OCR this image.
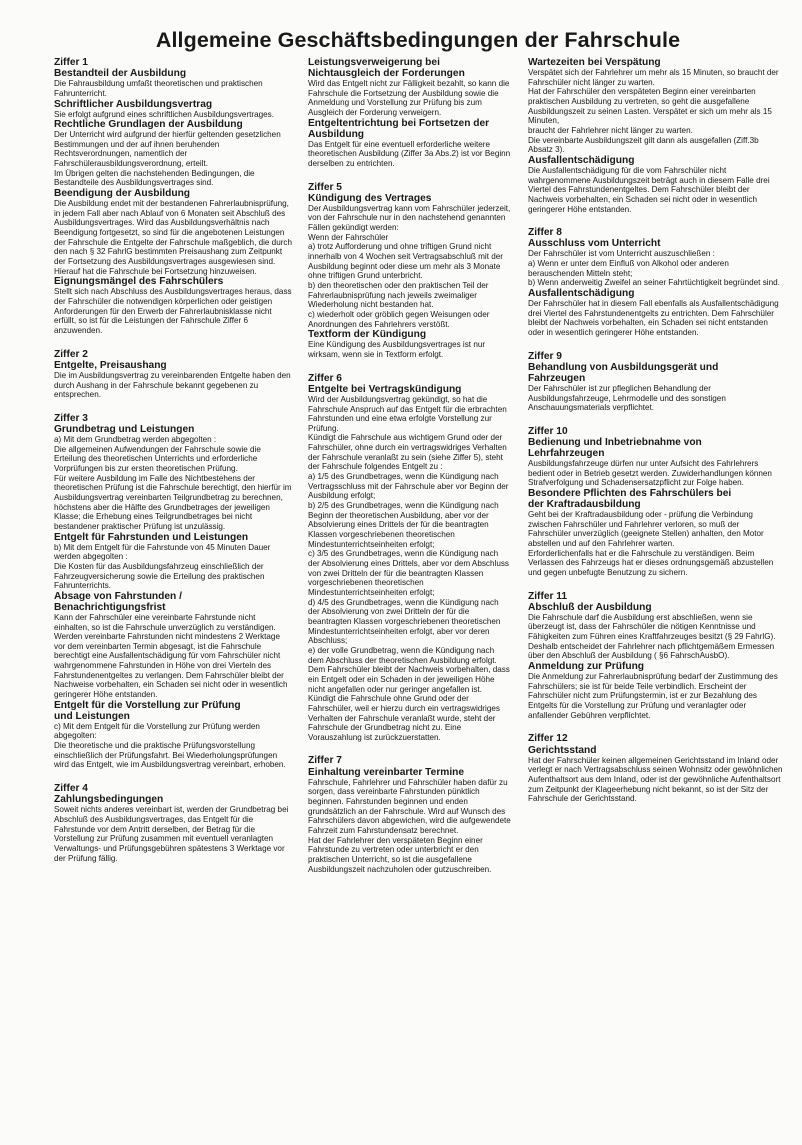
Allgemeine Geschäftsbedingungen der Fahrschule
Ziffer 1
Bestandteil der Ausbildung
Die Fahrausbildung umfaßt theoretischen und praktischen Fahrunterricht.
Schriftlicher Ausbildungsvertrag
Sie erfolgt aufgrund eines schriftlichen Ausbildungsvertrages.
Rechtliche Grundlagen der Ausbildung
Der Unterricht wird aufgrund der hierfür geltenden gesetzlichen Bestimmungen und der auf ihnen beruhenden Rechtsverordnungen, namentlich der Fahrschülerausbildungsverordnung, erteilt.
Im Übrigen gelten die nachstehenden Bedingungen, die Bestandteile des Ausbildungsvertrages sind.
Beendigung der Ausbildung
Die Ausbildung endet mit der bestandenen Fahrerlaubnisprüfung, in jedem Fall aber nach Ablauf von 6 Monaten seit Abschluß des Ausbildungsvertrages. Wird das Ausbildungsverhältnis nach Beendigung fortgesetzt, so sind für die angebotenen Leistungen der Fahrschule die Entgelte der Fahrschule maßgeblich, die durch den nach § 32 FahrlG bestimmten Preisaushang zum Zeitpunkt der Fortsetzung des Ausbildungsvertrages ausgewiesen sind. Hierauf hat die Fahrschule bei Fortsetzung hinzuweisen.
Eignungsmängel des Fahrschülers
Stellt sich nach Abschluss des Ausbildungsvertrages heraus, dass der Fahrschüler die notwendigen körperlichen oder geistigen Anforderungen für den Erwerb der Fahrerlaubnisklasse nicht erfüllt, so ist für die Leistungen der Fahrschule Ziffer 6 anzuwenden.
Ziffer 2
Entgelte, Preisaushang
Die im Ausbildungsvertrag zu vereinbarenden Entgelte haben den durch Aushang in der Fahrschule bekannt gegebenen zu entsprechen.
Ziffer 3
Grundbetrag und Leistungen
a) Mit dem Grundbetrag werden abgegolten :
Die allgemeinen Aufwendungen der Fahrschule sowie die Erteilung des theoretischen Unterrichts und erforderliche Vorprüfungen bis zur ersten theoretischen Prüfung.
Für weitere Ausbildung im Falle des Nichtbestehens der theoretischen Prüfung ist die Fahrschule berechtigt, den hierfür im Ausbildungsvertrag vereinbarten Teilgrundbetrag zu berechnen, höchstens aber die Hälfte des Grundbetrages der jeweiligen Klasse; die Erhebung eines Teilgrundbetrages bei nicht bestandener praktischer Prüfung ist unzulässig.
Entgelt für Fahrstunden und Leistungen
b) Mit dem Entgelt für die Fahrstunde von 45 Minuten Dauer werden abgegolten :
Die Kosten für das Ausbildungsfahrzeug einschließlich der Fahrzeugversicherung sowie die Erteilung des praktischen Fahrunterrichts.
Absage von Fahrstunden /
Benachrichtigungsfrist
Kann der Fahrschüler eine vereinbarte Fahrstunde nicht einhalten, so ist die Fahrschule unverzüglich zu verständigen. Werden vereinbarte Fahrstunden nicht mindestens 2 Werktage vor dem vereinbarten Termin abgesagt, ist die Fahrschule berechtigt eine Ausfallentschädigung für vom Fahrschüler nicht wahrgenommene Fahrstunden in Höhe von drei Vierteln des Fahrstundenentgeltes zu verlangen. Dem Fahrschüler bleibt der Nachweise vorbehalten, ein Schaden sei nicht oder in wesentlich geringerer Höhe entstanden.
Entgelt für die Vorstellung zur Prüfung
und Leistungen
c) Mit dem Entgelt für die Vorstellung zur Prüfung werden abgegolten:
Die theoretische und die praktische Prüfungsvorstellung einschließlich der Prüfungsfahrt. Bei Wiederholungsprüfungen wird das Entgelt, wie im Ausbildungsvertrag vereinbart, erhoben.
Ziffer 4
Zahlungsbedingungen
Soweit nichts anderes vereinbart ist, werden der Grundbetrag bei Abschluß des Ausbildungsvertrages, das Entgelt für die Fahrstunde vor dem Antritt derselben, der Betrag für die Vorstellung zur Prüfung zusammen mit eventuell veranlagten Verwaltungs- und Prüfungsgebühren spätestens 3 Werktage vor der Prüfung fällig.
Leistungsverweigerung bei
Nichtausgleich der Forderungen
Wird das Entgelt nicht zur Fälligkeit bezahlt, so kann die Fahrschule die Fortsetzung der Ausbildung sowie die Anmeldung und Vorstellung zur Prüfung bis zum Ausgleich der Forderung verweigern.
Entgeltentrichtung bei Fortsetzen der
Ausbildung
Das Entgelt für eine eventuell erforderliche weitere theoretischen Ausbildung (Ziffer 3a Abs.2) ist vor Beginn derselben zu entrichten.
Ziffer 5
Kündigung des Vertrages
Der Ausbildungsvertrag kann vom Fahrschüler jederzeit, von der Fahrschule nur in den nachstehend genannten Fällen gekündigt werden:
Wenn der Fahrschüler
a) trotz Aufforderung und ohne triftigen Grund nicht innerhalb von 4 Wochen seit Vertragsabschluß mit der Ausbildung beginnt oder diese um mehr als 3 Monate ohne triftigen Grund unterbricht.
b) den theoretischen oder den praktischen Teil der Fahrerlaubnisprüfung nach jeweils zweimaliger Wiederholung nicht bestanden hat.
c) wiederholt oder gröblich gegen Weisungen oder Anordnungen des Fahrlehrers verstößt.
Textform der Kündigung
Eine Kündigung des Ausbildungsvertrages ist nur wirksam, wenn sie in Textform erfolgt.
Ziffer 6
Entgelte bei Vertragskündigung
Wird der Ausbildungsvertrag gekündigt, so hat die Fahrschule Anspruch auf das Entgelt für die erbrachten Fahrstunden und eine etwa erfolgte Vorstellung zur Prüfung.
Kündigt die Fahrschule aus wichtigem Grund oder der Fahrschüler, ohne durch ein vertragswidriges Verhalten der Fahrschule veranlaßt zu sein (siehe Ziffer 5), steht der Fahrschule folgendes Entgelt zu :
a) 1/5 des Grundbetrages, wenn die Kündigung nach Vertragsschluss mit der Fahrschule aber vor Beginn der Ausbildung erfolgt;
b) 2/5 des Grundbetrages, wenn die Kündigung nach Beginn der theoretischen Ausbildung, aber vor der Absolvierung eines Drittels der für die beantragten Klassen vorgeschriebenen theoretischen Mindestunterrichtseinheiten erfolgt;
c) 3/5 des Grundbetrages, wenn die Kündigung nach der Absolvierung eines Drittels, aber vor dem Abschluss von zwei Dritteln der für die beantragten Klassen vorgeschriebenen theoretischen Mindestunterrichtseinheiten erfolgt;
d) 4/5 des Grundbetrages, wenn die Kündigung nach der Absolvierung von zwei Dritteln der für die beantragten Klassen vorgeschriebenen theoretischen Mindestunterrichtseinheiten erfolgt, aber vor deren Abschluss;
e) der volle Grundbetrag, wenn die Kündigung nach dem Abschluss der theoretischen Ausbildung erfolgt.
Dem Fahrschüler bleibt der Nachweis vorbehalten, dass ein Entgelt oder ein Schaden in der jeweiligen Höhe nicht angefallen oder nur geringer angefallen ist.
Kündigt die Fahrschule ohne Grund oder der Fahrschüler, weil er hierzu durch ein vertragswidriges Verhalten der Fahrschule veranlaßt wurde, steht der Fahrschule der Grundbetrag nicht zu. Eine Vorauszahlung ist zurückzuerstatten.
Ziffer 7
Einhaltung vereinbarter Termine
Fahrschule, Fahrlehrer und Fahrschüler haben dafür zu sorgen, dass vereinbarte Fahrstunden pünktlich beginnen. Fahrstunden beginnen und enden grundsätzlich an der Fahrschule. Wird auf Wunsch des Fahrschülers davon abgewichen, wird die aufgewendete Fahrzeit zum Fahrstundensatz berechnet.
Hat der Fahrlehrer den verspäteten Beginn einer Fahrstunde zu vertreten oder unterbricht er den praktischen Unterricht, so ist die ausgefallene Ausbildungszeit nachzuholen oder gutzuschreiben.
Wartezeiten bei Verspätung
Verspätet sich der Fahrlehrer um mehr als 15 Minuten, so braucht der Fahrschüler nicht länger zu warten.
Hat der Fahrschüler den verspäteten Beginn einer vereinbarten praktischen Ausbildung zu vertreten, so geht die ausgefallene Ausbildungszeit zu seinen Lasten. Verspätet er sich um mehr als 15 Minuten,
braucht der Fahrlehrer nicht länger zu warten.
Die vereinbarte Ausbildungszeit gilt dann als ausgefallen (Ziff.3b Absatz 3).
Ausfallentschädigung
Die Ausfallentschädigung für die vom Fahrschüler nicht wahrgenommene Ausbildungszeit beträgt auch in diesem Falle drei Viertel des Fahrstundenentgeltes. Dem Fahrschüler bleibt der Nachweis vorbehalten, ein Schaden sei nicht oder in wesentlich geringerer Höhe entstanden.
Ziffer 8
Ausschluss vom Unterricht
Der Fahrschüler ist vom Unterricht auszuschließen :
a) Wenn er unter dem Einfluß von Alkohol oder anderen berauschenden Mitteln steht;
b) Wenn anderweitig Zweifel an seiner Fahrtüchtigkeit begründet sind.
Ausfallentschädigung
Der Fahrschüler hat in diesem Fall ebenfalls als Ausfallentschädigung drei Viertel des Fahrstundenentgelts zu entrichten. Dem Fahrschüler bleibt der Nachweis vorbehalten, ein Schaden sei nicht entstanden oder in wesentlich geringerer Höhe entstanden.
Ziffer 9
Behandlung von Ausbildungsgerät und
Fahrzeugen
Der Fahrschüler ist zur pfleglichen Behandlung der Ausbildungsfahrzeuge, Lehrmodelle und des sonstigen Anschauungsmaterials verpflichtet.
Ziffer 10
Bedienung und Inbetriebnahme von
Lehrfahrzeugen
Ausbildungsfahrzeuge dürfen nur unter Aufsicht des Fahrlehrers bedient oder in Betrieb gesetzt werden. Zuwiderhandlungen können Strafverfolgung und Schadensersatzpflicht zur Folge haben.
Besondere Pflichten des Fahrschülers bei
der Kraftradausbildung
Geht bei der Kraftradausbildung oder - prüfung die Verbindung zwischen Fahrschüler und Fahrlehrer verloren, so muß der Fahrschüler unverzüglich (geeignete Stellen) anhalten, den Motor abstellen und auf den Fahrlehrer warten.
Erforderlichenfalls hat er die Fahrschule zu verständigen. Beim Verlassen des Fahrzeugs hat er dieses ordnungsgemäß abzustellen und gegen unbefugte Benutzung zu sichern.
Ziffer 11
Abschluß der Ausbildung
Die Fahrschule darf die Ausbildung erst abschließen, wenn sie überzeugt ist, dass der Fahrschüler die nötigen Kenntnisse und Fähigkeiten zum Führen eines Kraftfahrzeuges besitzt (§ 29 FahrlG).
Deshalb entscheidet der Fahrlehrer nach pflichtgemäßem Ermessen über den Abschluß der Ausbildung ( §6 FahrschAusbO).
Anmeldung zur Prüfung
Die Anmeldung zur Fahrerlaubnisprüfung bedarf der Zustimmung des Fahrschülers; sie ist für beide Teile verbindlich. Erscheint der Fahrschüler nicht zum Prüfungstermin, ist er zur Bezahlung des Entgelts für die Vorstellung zur Prüfung und veranlagter oder anfallender Gebühren verpflichtet.
Ziffer 12
Gerichtsstand
Hat der Fahrschüler keinen allgemeinen Gerichtsstand im Inland oder verlegt er nach Vertragsabschluss seinen Wohnsitz oder gewöhnlichen Aufenthaltsort aus dem Inland, oder ist der gewöhnliche Aufenthaltsort zum Zeitpunkt der Klageerhebung nicht bekannt, so ist der Sitz der Fahrschule der Gerichtsstand.
